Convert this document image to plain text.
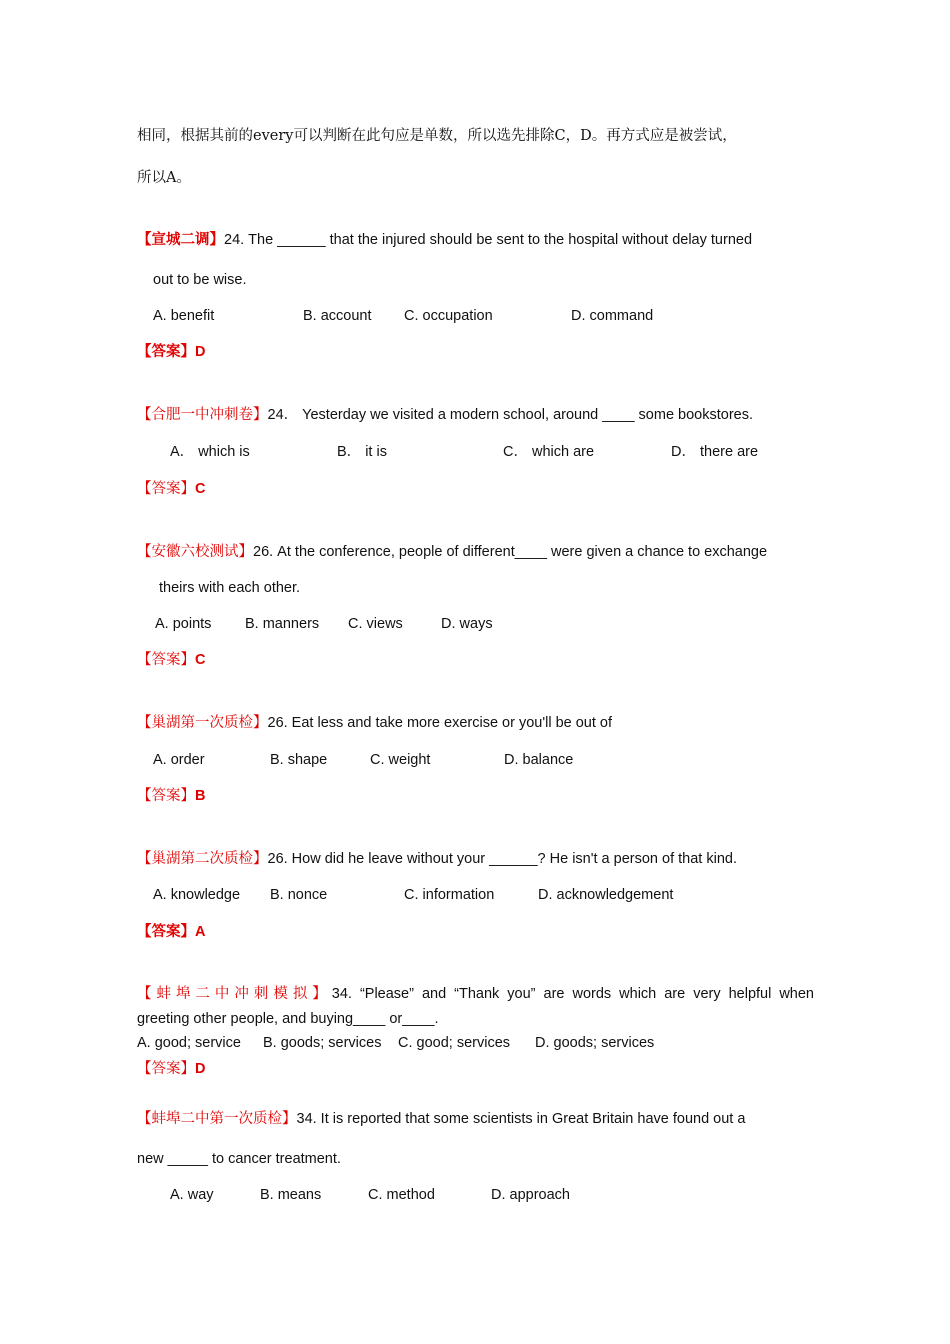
相同，根据其前的every可以判断在此句应是单数，所以选先排除C，D。再方式应是被尝试，
所以A。
【宣城二调】24. The ______ that the injured should be sent to the hospital without delay turned
out to be wise.
A. benefit	B. account C. occupation	D. command
【答案】D
【合肥一中冲刺卷】24． Yesterday we visited a modern school, around ____ some bookstores.
A． which is	B． it is	C． which are	D． there are
【答案】C
【安徽六校测试】26. At the conference, people of different____ were given a chance to exchange
theirs with each other.
A. points B. manners C. views	D. ways
【答案】C
【巢湖第一次质检】26. Eat less and take more exercise or you'll be out of
A. order	B. shape	C. weight	D. balance
【答案】B
【巢湖第二次质检】26. How did he leave without your ______? He isn't a person of that kind.
A. knowledge B. nonce	C. information	D. acknowledgement
【答案】A
【蚌埠二中冲刺模拟】34. “Please” and “Thank you” are words which are very helpful when
greeting other people, and buying____ or____.
A. good; service B. goods; services C. good; services D. goods; services
【答案】D
【蚌埠二中第一次质检】34. It is reported that some scientists in Great Britain have found out a
new _____ to cancer treatment.
A. way	B. means	C. method	D. approach
